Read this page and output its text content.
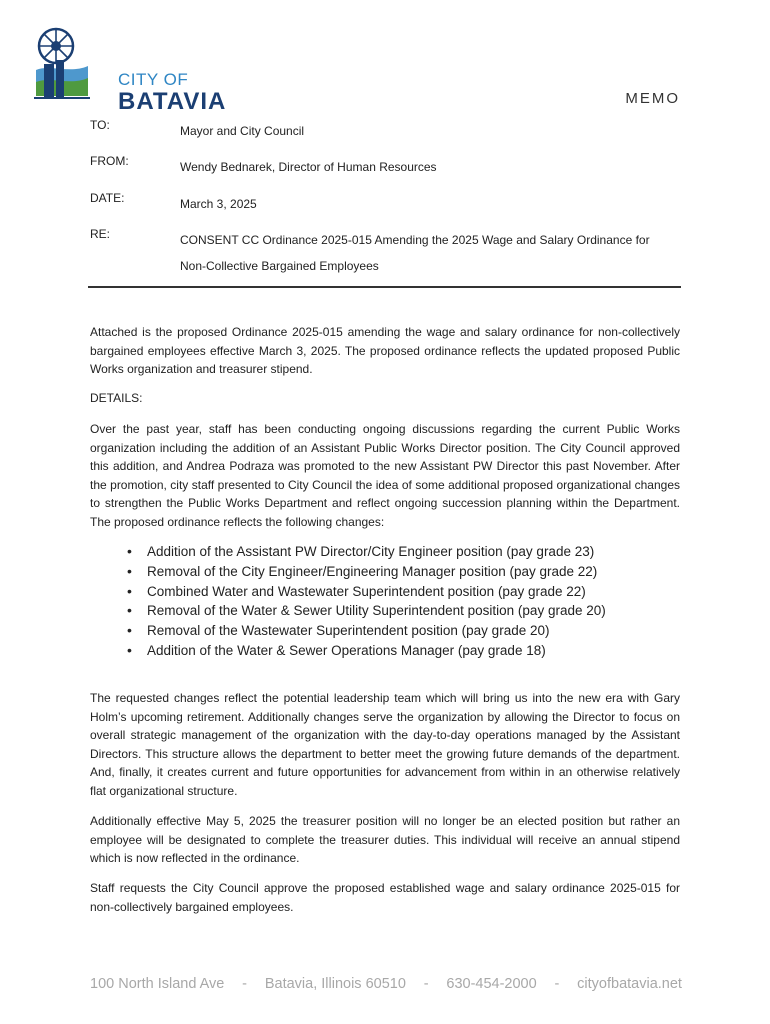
CITY OF
BATAVIA	MEMO
TO:	Mayor and City Council
FROM:	Wendy Bednarek, Director of Human Resources
DATE:	March 3, 2025
RE:	CONSENT CC Ordinance 2025-015 Amending the 2025 Wage and Salary Ordinance for
Non-Collective Bargained Employees

Attached is the proposed Ordinance 2025-015 amending the wage and salary ordinance for non-collectively bargained employees effective March 3, 2025. The proposed ordinance reflects the updated proposed Public Works organization and treasurer stipend.

DETAILS:

Over the past year, staff has been conducting ongoing discussions regarding the current Public Works organization including the addition of an Assistant Public Works Director position. The City Council approved this addition, and Andrea Podraza was promoted to the new Assistant PW Director this past November. After the promotion, city staff presented to City Council the idea of some additional proposed organizational changes to strengthen the Public Works Department and reflect ongoing succession planning within the Department. The proposed ordinance reflects the following changes:

• Addition of the Assistant PW Director/City Engineer position (pay grade 23)
• Removal of the City Engineer/Engineering Manager position (pay grade 22)
• Combined Water and Wastewater Superintendent position (pay grade 22)
• Removal of the Water & Sewer Utility Superintendent position (pay grade 20)
• Removal of the Wastewater Superintendent position (pay grade 20)
• Addition of the Water & Sewer Operations Manager (pay grade 18)

The requested changes reflect the potential leadership team which will bring us into the new era with Gary Holm’s upcoming retirement. Additionally changes serve the organization by allowing the Director to focus on overall strategic management of the organization with the day-to-day operations managed by the Assistant Directors. This structure allows the department to better meet the growing future demands of the department. And, finally, it creates current and future opportunities for advancement from within in an otherwise relatively flat organizational structure.

Additionally effective May 5, 2025 the treasurer position will no longer be an elected position but rather an employee will be designated to complete the treasurer duties. This individual will receive an annual stipend which is now reflected in the ordinance.

Staff requests the City Council approve the proposed established wage and salary ordinance 2025-015 for non-collectively bargained employees.

100 North Island Ave - Batavia, Illinois 60510 - 630-454-2000 - cityofbatavia.net
